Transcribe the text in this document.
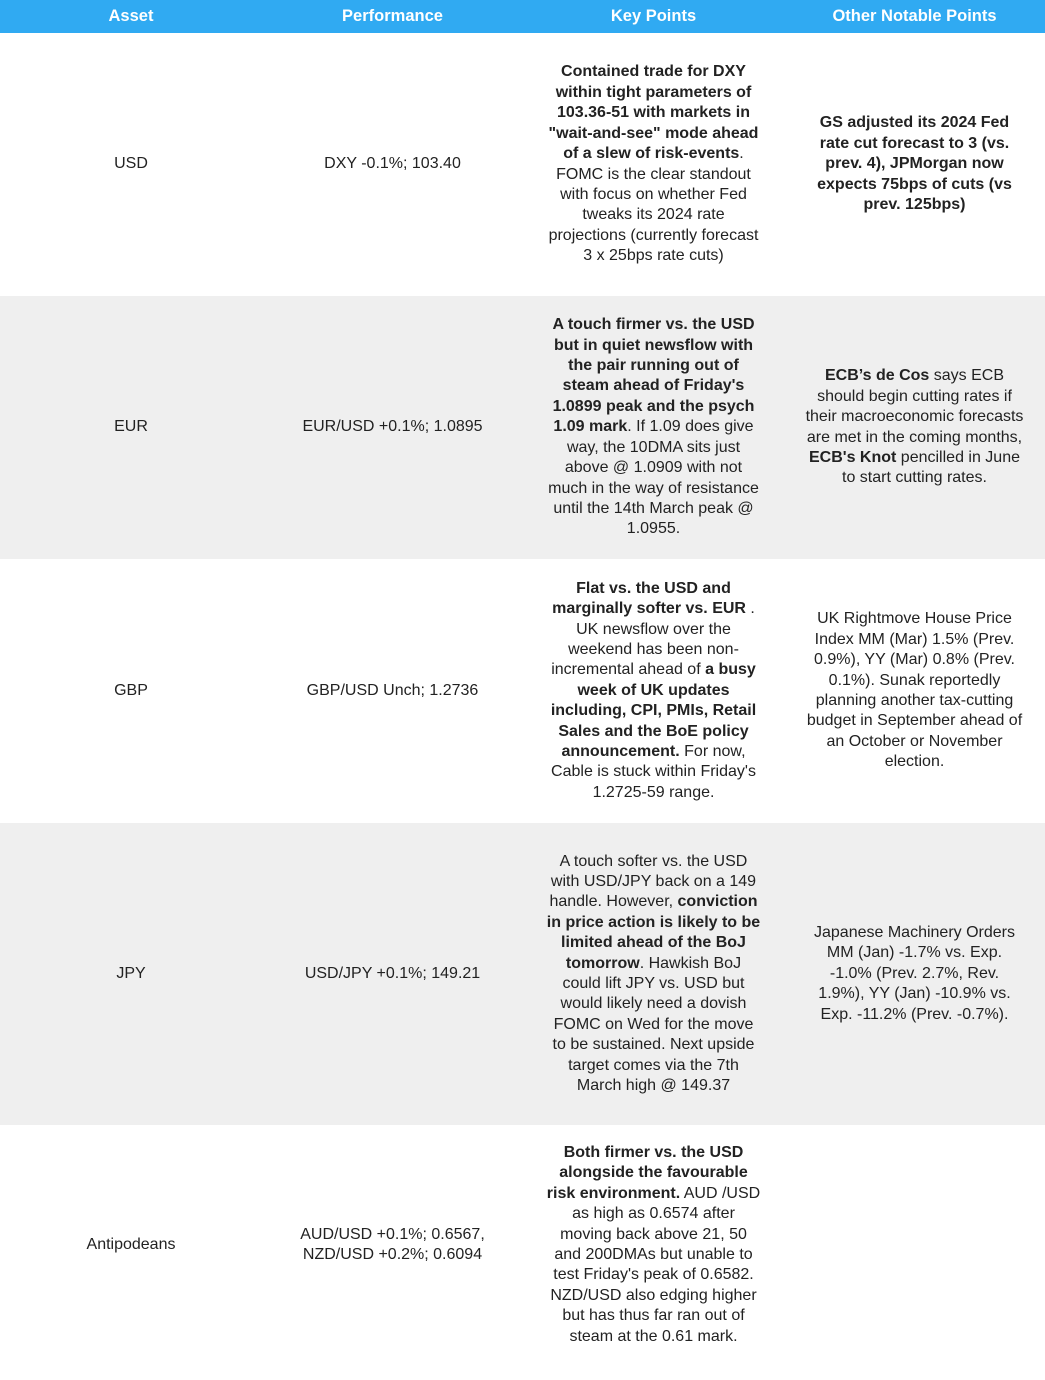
Asset	Performance	Key Points	Other Notable Points
USD	DXY -0.1%; 103.40	Contained trade for DXY within tight parameters of 103.36-51 with markets in "wait-and-see" mode ahead of a slew of risk-events. FOMC is the clear standout with focus on whether Fed tweaks its 2024 rate projections (currently forecast 3 x 25bps rate cuts)	GS adjusted its 2024 Fed rate cut forecast to 3 (vs. prev. 4), JPMorgan now expects 75bps of cuts (vs prev. 125bps)

EUR	EUR/USD +0.1%; 1.0895	A touch firmer vs. the USD but in quiet newsflow with the pair running out of steam ahead of Friday's 1.0899 peak and the psych 1.09 mark. If 1.09 does give way, the 10DMA sits just above @ 1.0909 with not much in the way of resistance until the 14th March peak @ 1.0955.	ECB’s de Cos says ECB should begin cutting rates if their macroeconomic forecasts are met in the coming months, ECB's Knot pencilled in June to start cutting rates.

GBP	GBP/USD Unch; 1.2736	Flat vs. the USD and marginally softer vs. EUR . UK newsflow over the weekend has been non-incremental ahead of a busy week of UK updates including, CPI, PMIs, Retail Sales and the BoE policy announcement. For now, Cable is stuck within Friday's 1.2725-59 range.	UK Rightmove House Price Index MM (Mar) 1.5% (Prev. 0.9%), YY (Mar) 0.8% (Prev. 0.1%). Sunak reportedly planning another tax-cutting budget in September ahead of an October or November election.

JPY	USD/JPY +0.1%; 149.21	A touch softer vs. the USD with USD/JPY back on a 149 handle. However, conviction in price action is likely to be limited ahead of the BoJ tomorrow. Hawkish BoJ could lift JPY vs. USD but would likely need a dovish FOMC on Wed for the move to be sustained. Next upside target comes via the 7th March high @ 149.37	Japanese Machinery Orders MM (Jan) -1.7% vs. Exp. -1.0% (Prev. 2.7%, Rev. 1.9%), YY (Jan) -10.9% vs. Exp. -11.2% (Prev. -0.7%).

Antipodeans	AUD/USD +0.1%; 0.6567, NZD/USD +0.2%; 0.6094	Both firmer vs. the USD alongside the favourable risk environment. AUD /USD as high as 0.6574 after moving back above 21, 50 and 200DMAs but unable to test Friday's peak of 0.6582. NZD/USD also edging higher but has thus far ran out of steam at the 0.61 mark.	
